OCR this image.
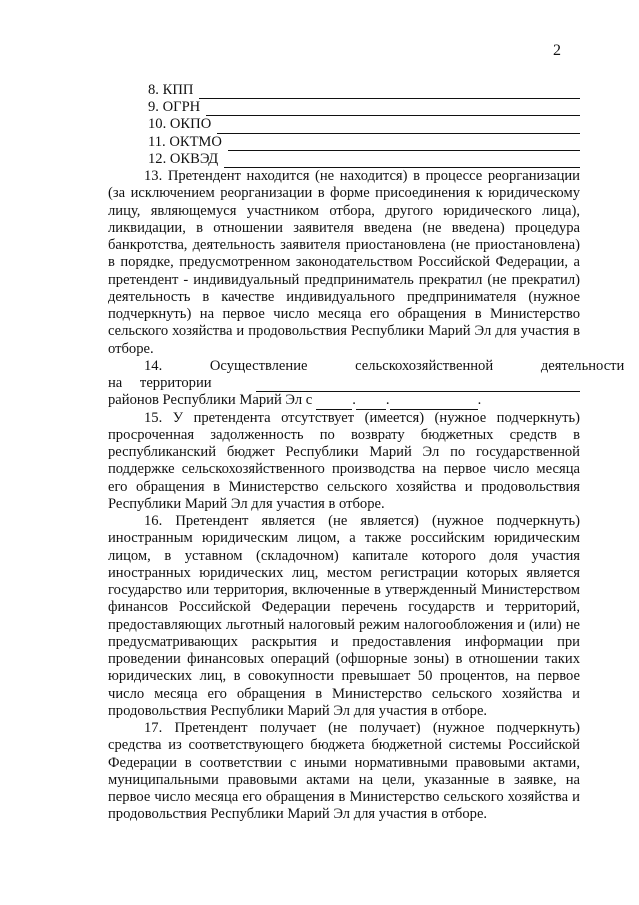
2
8. КПП
9. ОГРН
10. ОКПО
11. ОКТМО
12. ОКВЭД

13. Претендент находится (не находится) в процессе реорганизации (за исключением реорганизации в форме присоединения к юридическому лицу, являющемуся участником отбора, другого юридического лица), ликвидации, в отношении заявителя введена (не введена) процедура банкротства, деятельность заявителя приостановлена (не приостановлена) в порядке, предусмотренном законодательством Российской Федерации, а претендент - индивидуальный предприниматель прекратил (не прекратил) деятельность в качестве индивидуального предпринимателя (нужное подчеркнуть) на первое число месяца его обращения в Министерство сельского хозяйства и продовольствия Республики Марий Эл для участия в отборе.

14. Осуществление сельскохозяйственной деятельности
на территории
районов Республики Марий Эл с	. .	.

15. У претендента отсутствует (имеется) (нужное подчеркнуть) просроченная задолженность по возврату бюджетных средств в республиканский бюджет Республики Марий Эл по государственной поддержке сельскохозяйственного производства на первое число месяца его обращения в Министерство сельского хозяйства и продовольствия Республики Марий Эл для участия в отборе.

16. Претендент является (не является) (нужное подчеркнуть) иностранным юридическим лицом, а также российским юридическим лицом, в уставном (складочном) капитале которого доля участия иностранных юридических лиц, местом регистрации которых является государство или территория, включенные в утвержденный Министерством финансов Российской Федерации перечень государств и территорий, предоставляющих льготный налоговый режим налогообложения и (или) не предусматривающих раскрытия и предоставления информации при проведении финансовых операций (офшорные зоны) в отношении таких юридических лиц, в совокупности превышает 50 процентов, на первое число месяца его обращения в Министерство сельского хозяйства и продовольствия Республики Марий Эл для участия в отборе.

17. Претендент получает (не получает) (нужное подчеркнуть) средства из соответствующего бюджета бюджетной системы Российской Федерации в соответствии с иными нормативными правовыми актами, муниципальными правовыми актами на цели, указанные в заявке, на первое число месяца его обращения в Министерство сельского хозяйства и продовольствия Республики Марий Эл для участия в отборе.
